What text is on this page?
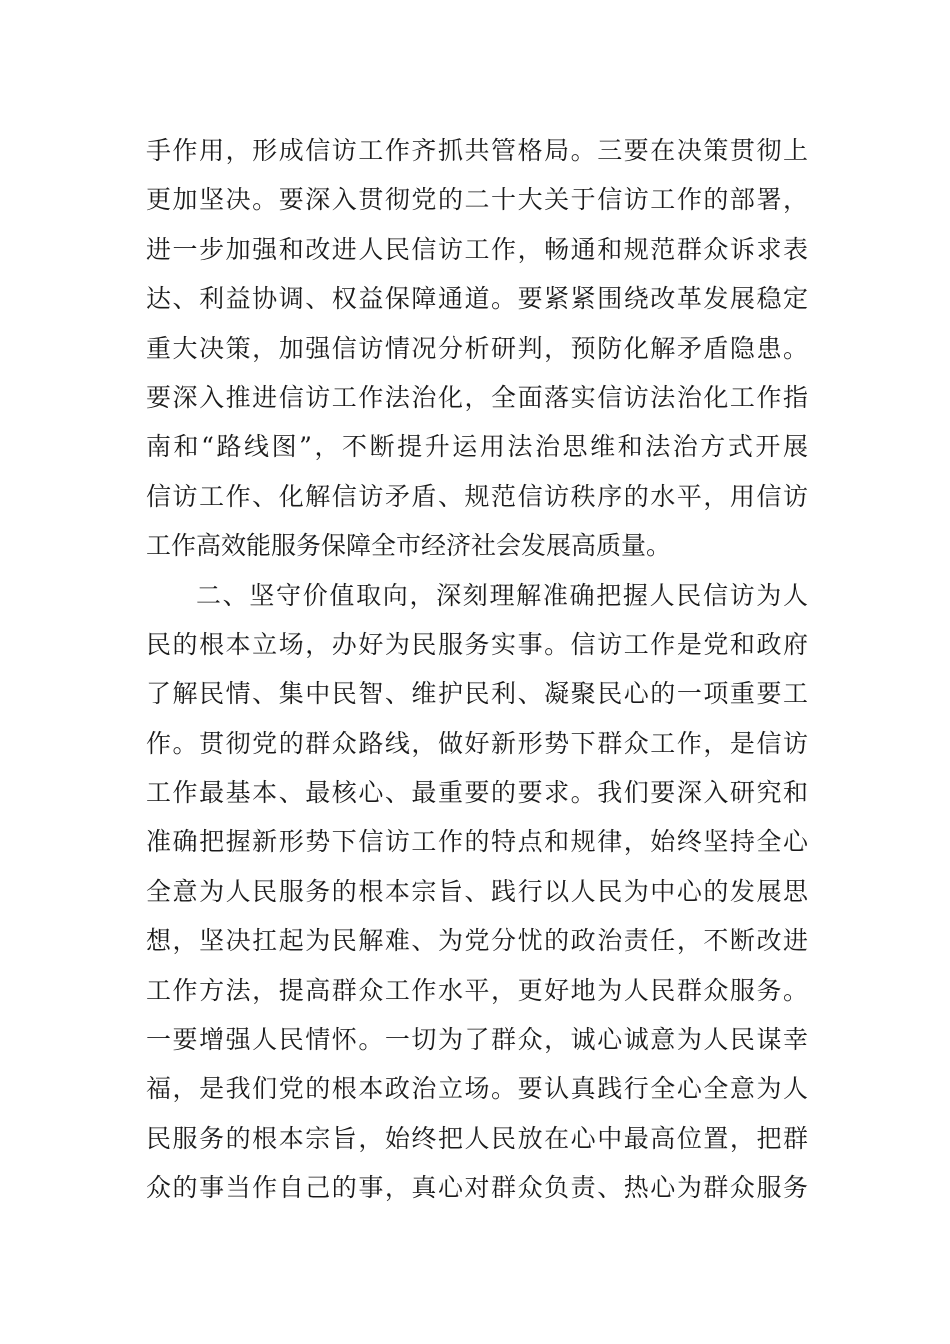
手作用，形成信访工作齐抓共管格局。三要在决策贯彻上
更加坚决。要深入贯彻党的二十大关于信访工作的部署，
进一步加强和改进人民信访工作，畅通和规范群众诉求表
达、利益协调、权益保障通道。要紧紧围绕改革发展稳定
重大决策，加强信访情况分析研判，预防化解矛盾隐患。
要深入推进信访工作法治化，全面落实信访法治化工作指
南和“路线图”，不断提升运用法治思维和法治方式开展
信访工作、化解信访矛盾、规范信访秩序的水平，用信访
工作高效能服务保障全市经济社会发展高质量。
二、坚守价值取向，深刻理解准确把握人民信访为人
民的根本立场，办好为民服务实事。信访工作是党和政府
了解民情、集中民智、维护民利、凝聚民心的一项重要工
作。贯彻党的群众路线，做好新形势下群众工作，是信访
工作最基本、最核心、最重要的要求。我们要深入研究和
准确把握新形势下信访工作的特点和规律，始终坚持全心
全意为人民服务的根本宗旨、践行以人民为中心的发展思
想，坚决扛起为民解难、为党分忧的政治责任，不断改进
工作方法，提高群众工作水平，更好地为人民群众服务。
一要增强人民情怀。一切为了群众，诚心诚意为人民谋幸
福，是我们党的根本政治立场。要认真践行全心全意为人
民服务的根本宗旨，始终把人民放在心中最高位置，把群
众的事当作自己的事，真心对群众负责、热心为群众服务
